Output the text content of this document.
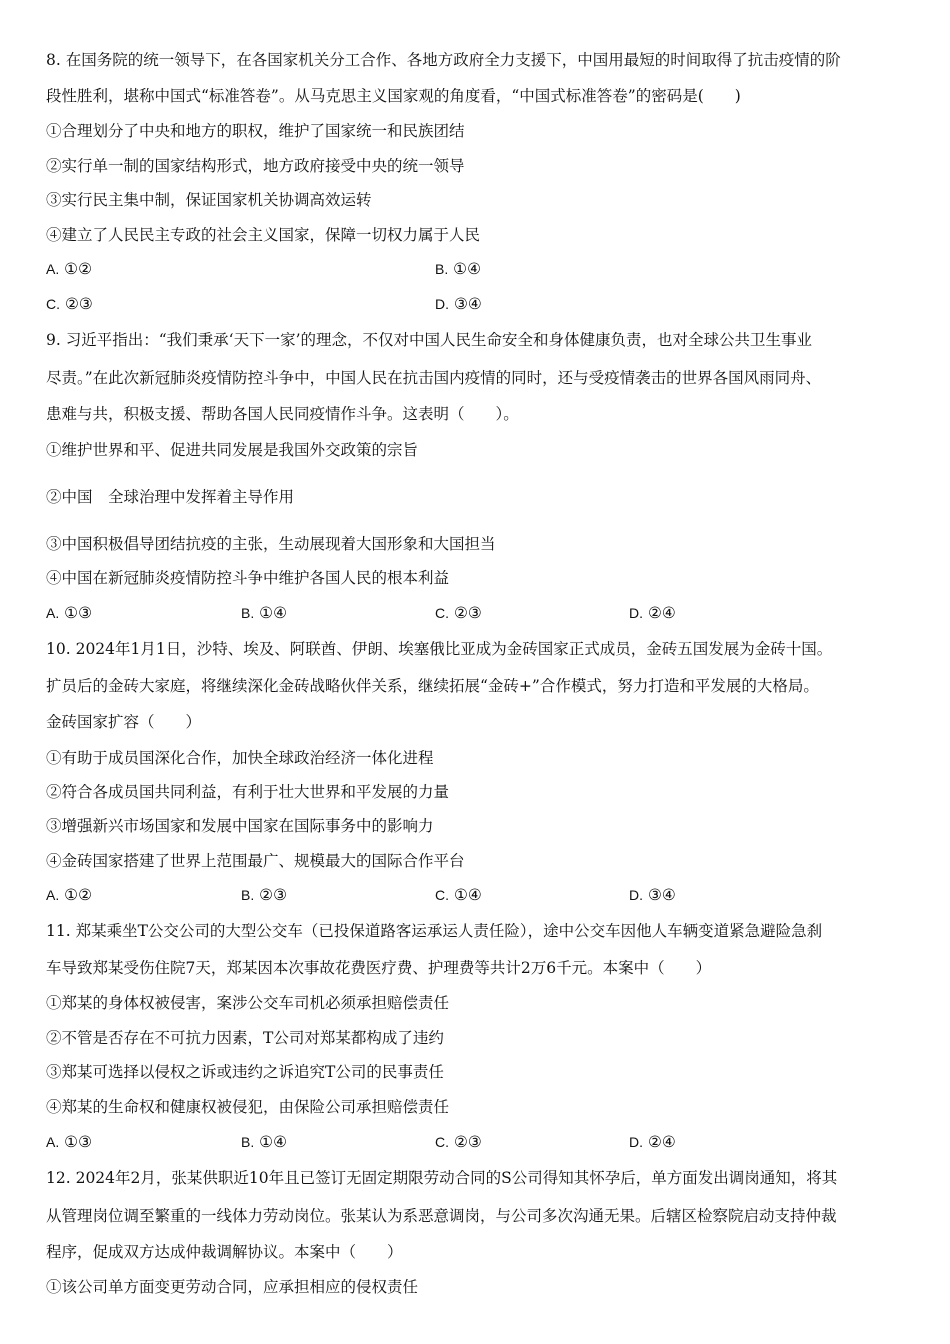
8. 在国务院的统一领导下，在各国家机关分工合作、各地方政府全力支援下，中国用最短的时间取得了抗击疫情的阶
段性胜利，堪称中国式“标准答卷”。从马克思主义国家观的角度看，“中国式标准答卷”的密码是(　　)
①合理划分了中央和地方的职权，维护了国家统一和民族团结
②实行单一制的国家结构形式，地方政府接受中央的统一领导
③实行民主集中制，保证国家机关协调高效运转
④建立了人民民主专政的社会主义国家，保障一切权力属于人民
A. ①②	B. ①④
C. ②③	D. ③④
9. 习近平指出：“我们秉承‘天下一家’的理念，不仅对中国人民生命安全和身体健康负责，也对全球公共卫生事业
尽责。”在此次新冠肺炎疫情防控斗争中，中国人民在抗击国内疫情的同时，还与受疫情袭击的世界各国风雨同舟、
患难与共，积极支援、帮助各国人民同疫情作斗争。这表明（　　）。
①维护世界和平、促进共同发展是我国外交政策的宗旨
②中国　全球治理中发挥着主导作用
③中国积极倡导团结抗疫的主张，生动展现着大国形象和大国担当
④中国在新冠肺炎疫情防控斗争中维护各国人民的根本利益
A. ①③	B. ①④	C. ②③	D. ②④
10. 2024年1月1日，沙特、埃及、阿联酋、伊朗、埃塞俄比亚成为金砖国家正式成员，金砖五国发展为金砖十国。
扩员后的金砖大家庭，将继续深化金砖战略伙伴关系，继续拓展“金砖+”合作模式，努力打造和平发展的大格局。
金砖国家扩容（　　）
①有助于成员国深化合作，加快全球政治经济一体化进程
②符合各成员国共同利益，有利于壮大世界和平发展的力量
③增强新兴市场国家和发展中国家在国际事务中的影响力
④金砖国家搭建了世界上范围最广、规模最大的国际合作平台
A. ①②	B. ②③	C. ①④	D. ③④
11. 郑某乘坐T公交公司的大型公交车（已投保道路客运承运人责任险），途中公交车因他人车辆变道紧急避险急刹
车导致郑某受伤住院7天，郑某因本次事故花费医疗费、护理费等共计2万6千元。本案中（　　）
①郑某的身体权被侵害，案涉公交车司机必须承担赔偿责任
②不管是否存在不可抗力因素，T公司对郑某都构成了违约
③郑某可选择以侵权之诉或违约之诉追究T公司的民事责任
④郑某的生命权和健康权被侵犯，由保险公司承担赔偿责任
A. ①③	B. ①④	C. ②③	D. ②④
12. 2024年2月，张某供职近10年且已签订无固定期限劳动合同的S公司得知其怀孕后，单方面发出调岗通知，将其
从管理岗位调至繁重的一线体力劳动岗位。张某认为系恶意调岗，与公司多次沟通无果。后辖区检察院启动支持仲裁
程序，促成双方达成仲裁调解协议。本案中（　　）
①该公司单方面变更劳动合同，应承担相应的侵权责任
